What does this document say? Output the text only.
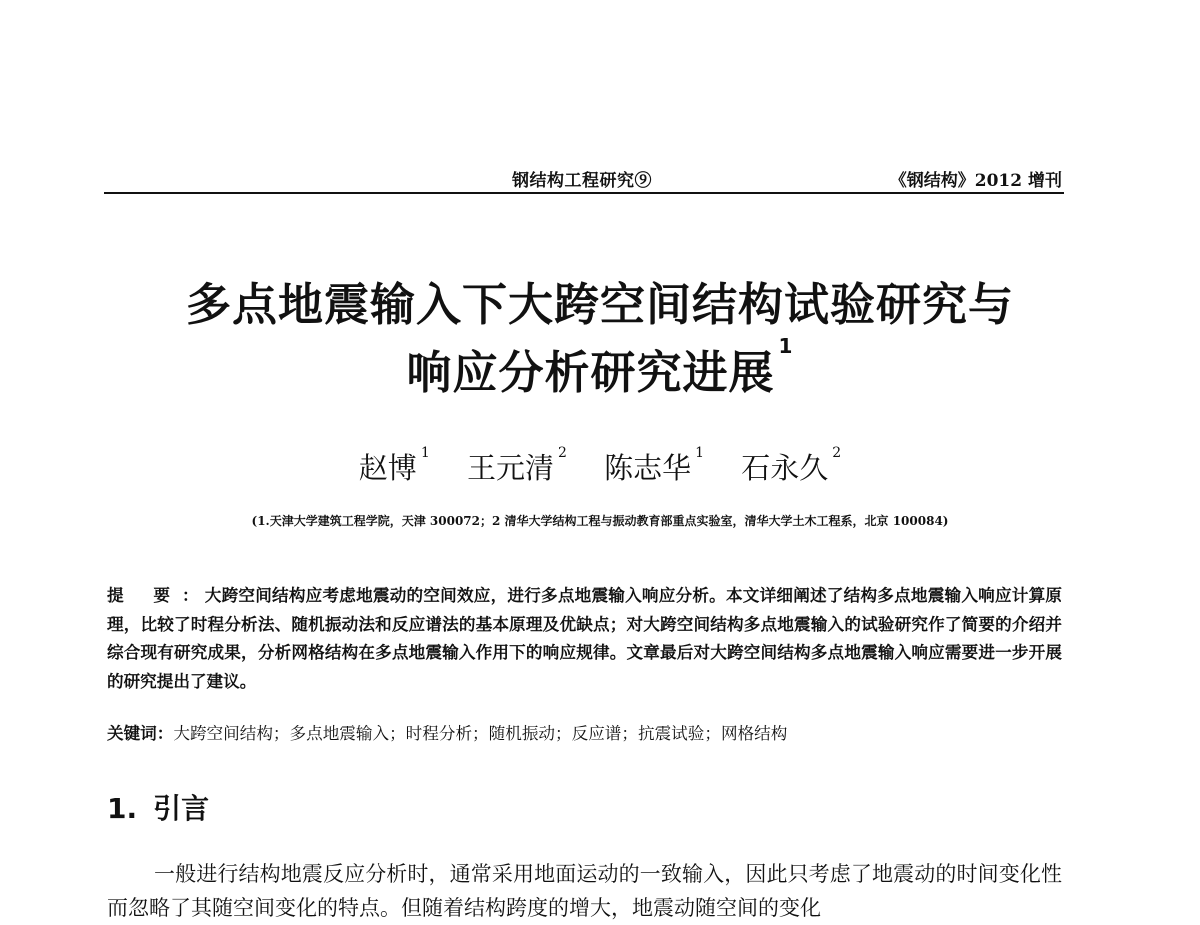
钢结构工程研究⑨	《钢结构》2012 增刊
多点地震输入下大跨空间结构试验研究与
响应分析研究进展 $^1$
赵博 $^1$ 王元清 $^2$ 陈志华 $^1$ 石永久 $^2$
(1.天津大学建筑工程学院，天津 300072；2 清华大学结构工程与振动教育部重点实验室，清华大学土木工程系，北京 100084)
提 要：大跨空间结构应考虑地震动的空间效应，进行多点地震输入响应分析。本文详细阐述了结构多点地震输入响应计算原理，比较了时程分析法、随机振动法和反应谱法的基本原理及优缺点；对大跨空间结构多点地震输入的试验研究作了简要的介绍并综合现有研究成果，分析网格结构在多点地震输入作用下的响应规律。文章最后对大跨空间结构多点地震输入响应需要进一步开展的研究提出了建议。
关键词：大跨空间结构；多点地震输入；时程分析；随机振动；反应谱；抗震试验；网格结构
1. 引言
一般进行结构地震反应分析时，通常采用地面运动的一致输入，因此只考虑了地震动的时间变化性而忽略了其随空间变化的特点。但随着结构跨度的增大，地震动随空间的变化
